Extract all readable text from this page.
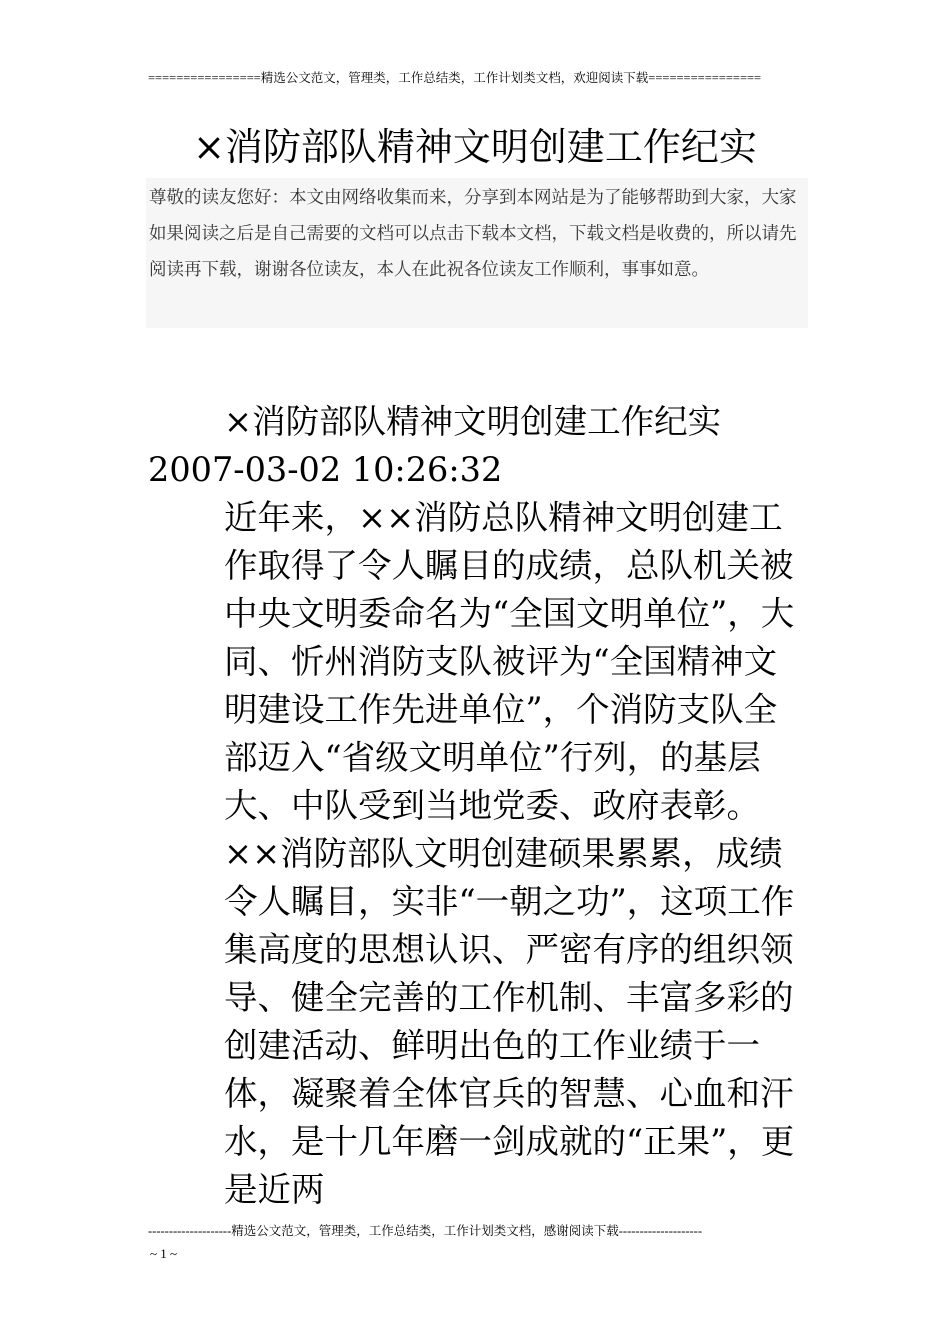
================精选公文范文，管理类，工作总结类，工作计划类文档，欢迎阅读下载================
×消防部队精神文明创建工作纪实

尊敬的读友您好：本文由网络收集而来，分享到本网站是为了能够帮助到大家，大家如果阅读之后是自己需要的文档可以点击下载本文档，下载文档是收费的，所以请先阅读再下载，谢谢各位读友，本人在此祝各位读友工作顺利，事事如意。

×消防部队精神文明创建工作纪实

2007-03-02 10:26:32

近年来，××消防总队精神文明创建工作取得了令人瞩目的成绩，总队机关被中央文明委命名为“全国文明单位”，大同、忻州消防支队被评为“全国精神文明建设工作先进单位”，个消防支队全部迈入“省级文明单位”行列，的基层大、中队受到当地党委、政府表彰。××消防部队文明创建硕果累累，成绩令人瞩目，实非“一朝之功”，这项工作集高度的思想认识、严密有序的组织领导、健全完善的工作机制、丰富多彩的创建活动、鲜明出色的工作业绩于一体，凝聚着全体官兵的智慧、心血和汗水，是十几年磨一剑成就的“正果”，更是近两

--------------------精选公文范文，管理类，工作总结类，工作计划类文档，感谢阅读下载--------------------
~ 1 ~
